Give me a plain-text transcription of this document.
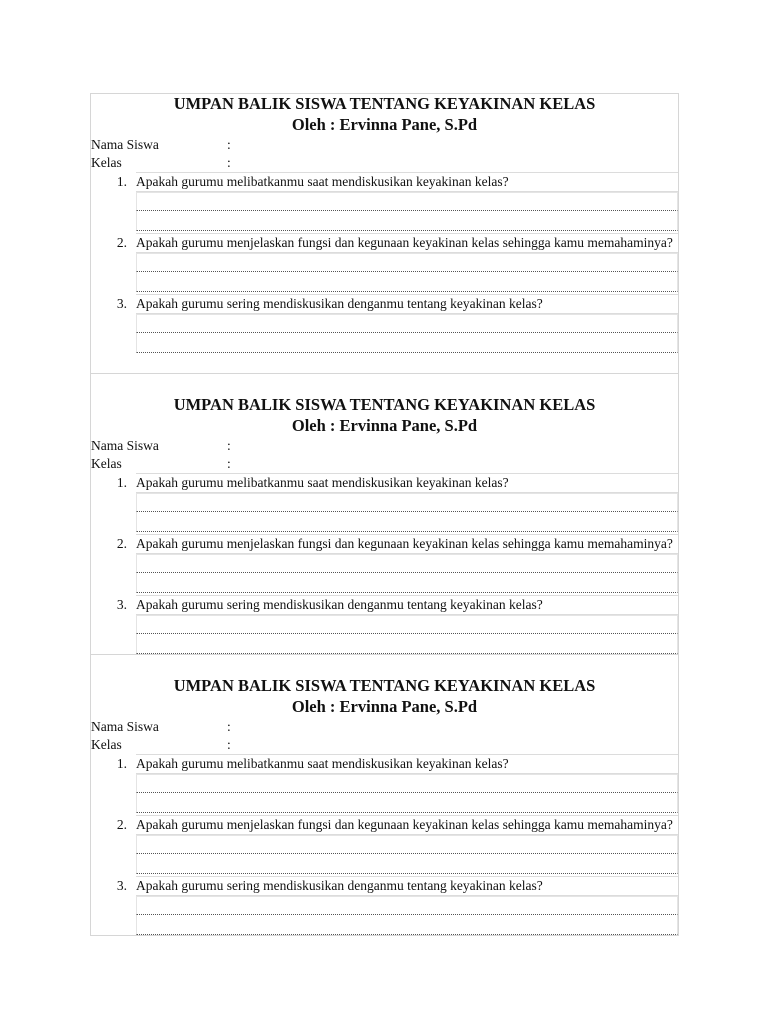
UMPAN BALIK SISWA TENTANG KEYAKINAN KELAS
Oleh : Ervinna Pane, S.Pd
Nama Siswa	:
Kelas	:
1. Apakah gurumu melibatkanmu saat mendiskusikan keyakinan kelas?
2. Apakah gurumu menjelaskan fungsi dan kegunaan keyakinan kelas sehingga kamu memahaminya?
3. Apakah gurumu sering mendiskusikan denganmu tentang keyakinan kelas?
UMPAN BALIK SISWA TENTANG KEYAKINAN KELAS
Oleh : Ervinna Pane, S.Pd
Nama Siswa	:
Kelas	:
1. Apakah gurumu melibatkanmu saat mendiskusikan keyakinan kelas?
2. Apakah gurumu menjelaskan fungsi dan kegunaan keyakinan kelas sehingga kamu memahaminya?
3. Apakah gurumu sering mendiskusikan denganmu tentang keyakinan kelas?
UMPAN BALIK SISWA TENTANG KEYAKINAN KELAS
Oleh : Ervinna Pane, S.Pd
Nama Siswa	:
Kelas	:
1. Apakah gurumu melibatkanmu saat mendiskusikan keyakinan kelas?
2. Apakah gurumu menjelaskan fungsi dan kegunaan keyakinan kelas sehingga kamu memahaminya?
3. Apakah gurumu sering mendiskusikan denganmu tentang keyakinan kelas?
